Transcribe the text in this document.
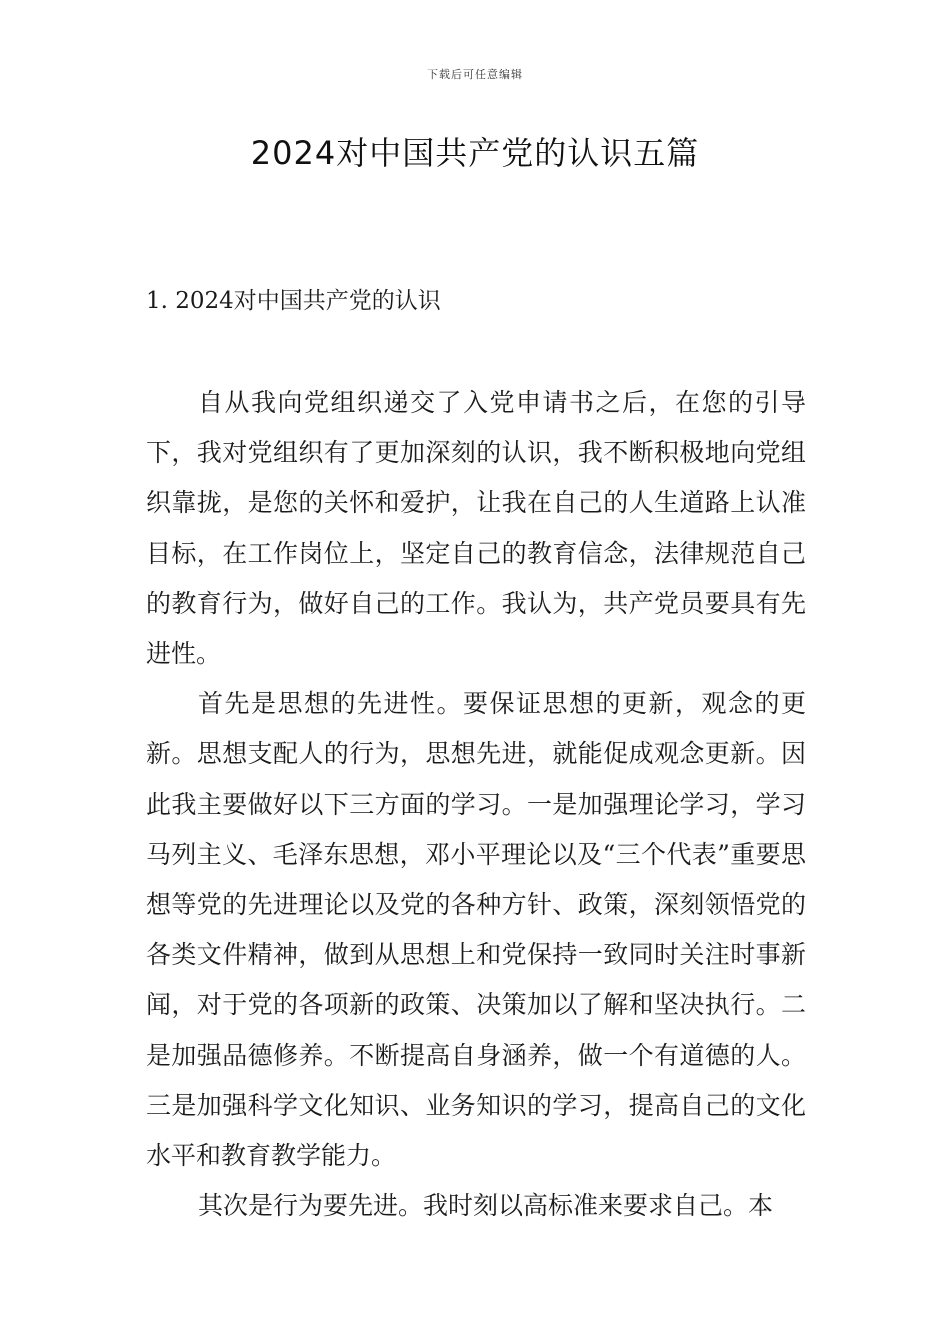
下载后可任意编辑
2024对中国共产党的认识五篇
1. 2024对中国共产党的认识

自从我向党组织递交了入党申请书之后，在您的引导下，我对党组织有了更加深刻的认识，我不断积极地向党组织靠拢，是您的关怀和爱护，让我在自己的人生道路上认准目标，在工作岗位上，坚定自己的教育信念，法律规范自己的教育行为，做好自己的工作。我认为，共产党员要具有先进性。

首先是思想的先进性。要保证思想的更新，观念的更新。思想支配人的行为，思想先进，就能促成观念更新。因此我主要做好以下三方面的学习。一是加强理论学习，学习马列主义、毛泽东思想，邓小平理论以及“三个代表”重要思想等党的先进理论以及党的各种方针、政策，深刻领悟党的各类文件精神，做到从思想上和党保持一致同时关注时事新闻，对于党的各项新的政策、决策加以了解和坚决执行。二是加强品德修养。不断提高自身涵养，做一个有道德的人。三是加强科学文化知识、业务知识的学习，提高自己的文化水平和教育教学能力。

其次是行为要先进。我时刻以高标准来要求自己。本
